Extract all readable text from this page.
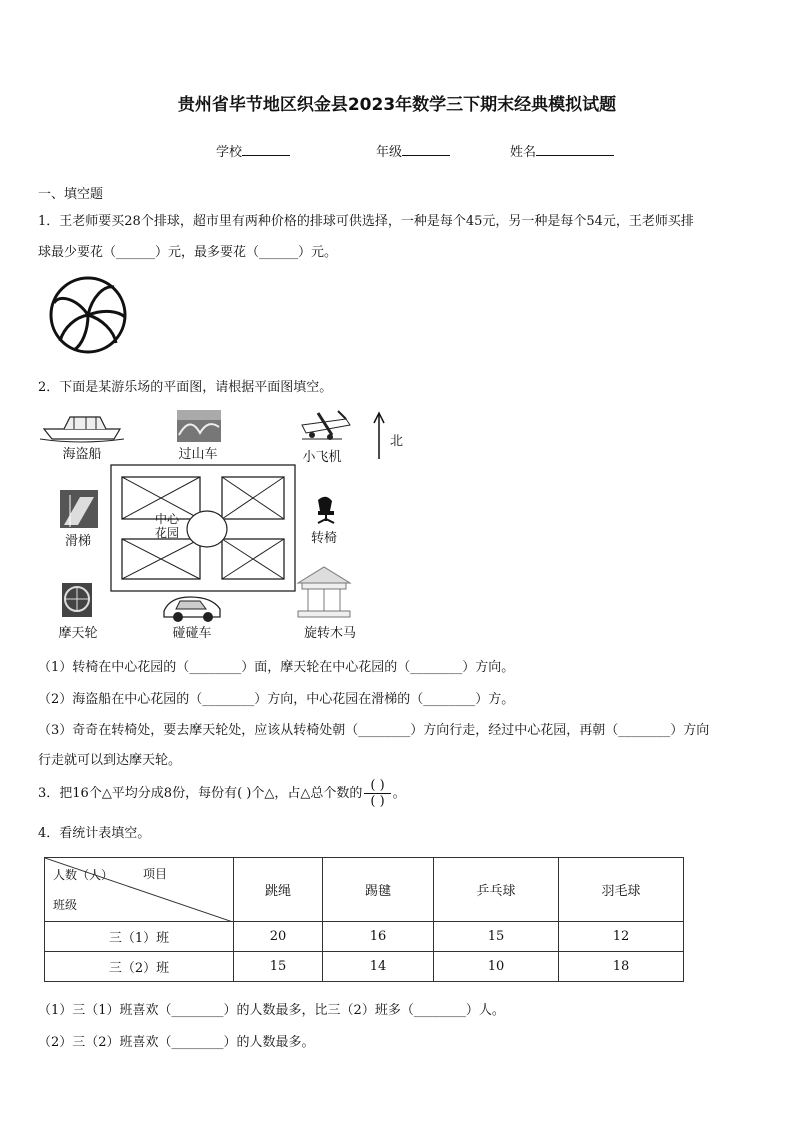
贵州省毕节地区织金县2023年数学三下期末经典模拟试题
学校	年级	姓名
一、填空题
1．王老师要买28个排球，超市里有两种价格的排球可供选择，一种是每个45元，另一种是每个54元，王老师买排
球最少要花（______）元，最多要花（______）元。
2．下面是某游乐场的平面图，请根据平面图填空。
中心
花园
海盗船	过山车	小飞机
北
滑梯	转椅
摩天轮	碰碰车	旋转木马
（1）转椅在中心花园的（________）面，摩天轮在中心花园的（________）方向。
（2）海盗船在中心花园的（________）方向，中心花园在滑梯的（________）方。
（3）奇奇在转椅处，要去摩天轮处，应该从转椅处朝（________）方向行走，经过中心花园，再朝（________）方向
行走就可以到达摩天轮。
3．把16个△平均分成8份，每份有( )个△，占△总个数的 $\frac{( )}{( )}$ 。
4．看统计表填空。
人数（人） 项目
班级	跳绳	踢毽	乒乓球	羽毛球
三（1）班	20	16	15	12
三（2）班	15	14	10	18
（1）三（1）班喜欢（________）的人数最多，比三（2）班多（________）人。
（2）三（2）班喜欢（________）的人数最多。
